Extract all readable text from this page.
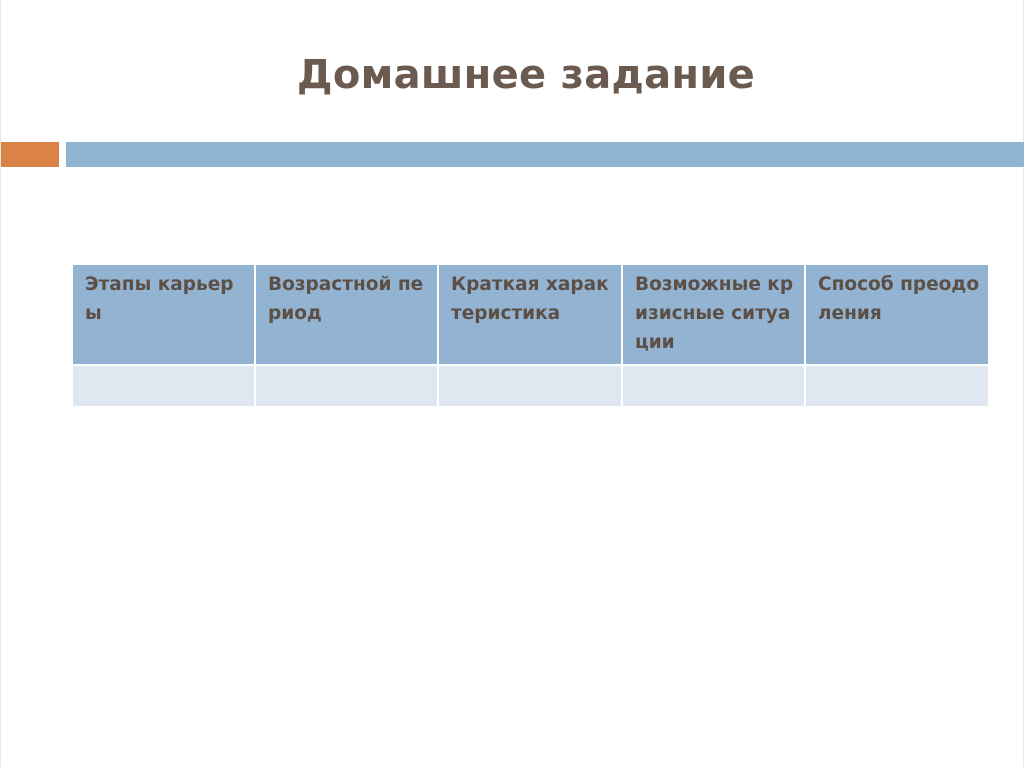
Домашнее задание
Этапы карьеры	Возрастной период	Краткая характеристика	Возможные кризисные ситуации	Способ преодоления
